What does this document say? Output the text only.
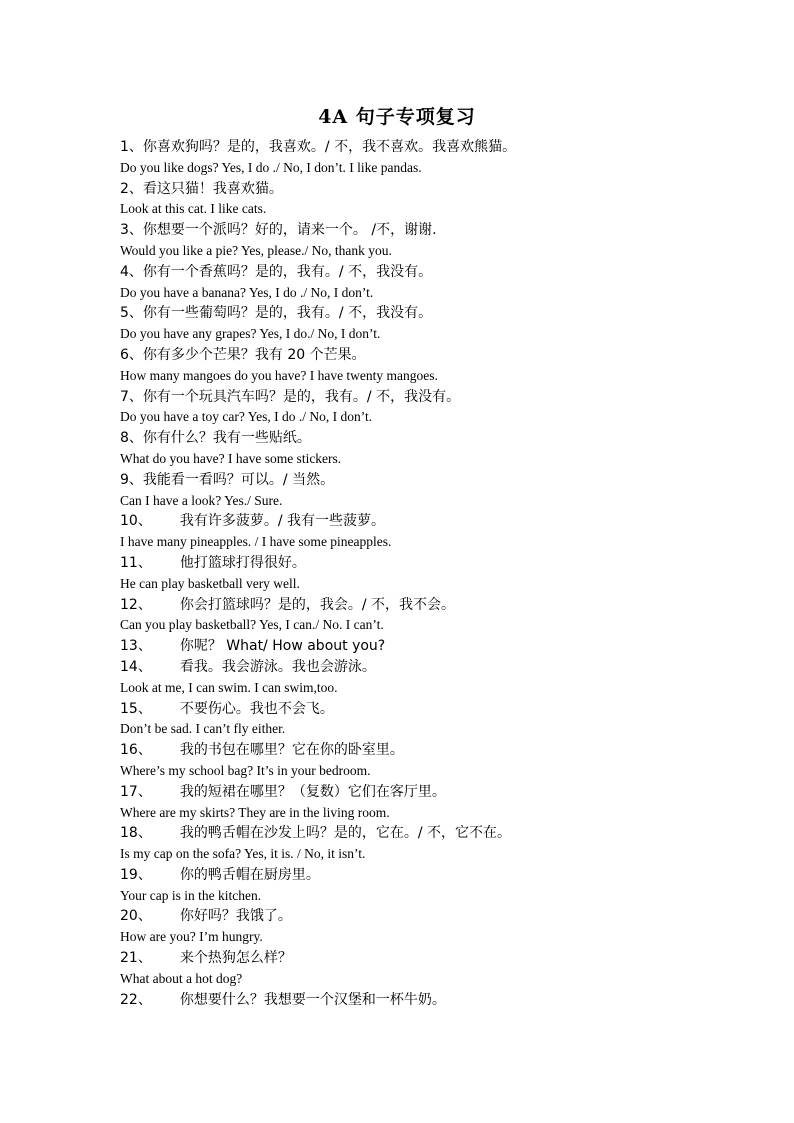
4A 句子专项复习
1、你喜欢狗吗？是的，我喜欢。/ 不，我不喜欢。我喜欢熊猫。
Do you like dogs? Yes, I do ./ No, I don’t. I like pandas.
2、看这只猫！我喜欢猫。
Look at this cat. I like cats.
3、你想要一个派吗？好的，请来一个。 /不，谢谢.
Would you like a pie? Yes, please./ No, thank you.
4、你有一个香蕉吗？是的，我有。/ 不，我没有。
Do you have a banana? Yes, I do ./ No, I don’t.
5、你有一些葡萄吗？是的，我有。/ 不，我没有。
Do you have any grapes? Yes, I do./ No, I don’t.
6、你有多少个芒果？我有 20 个芒果。
How many mangoes do you have? I have twenty mangoes.
7、你有一个玩具汽车吗？是的，我有。/ 不，我没有。
Do you have a toy car? Yes, I do ./ No, I don’t.
8、你有什么？我有一些贴纸。
What do you have? I have some stickers.
9、我能看一看吗？可以。/ 当然。
Can I have a look? Yes./ Sure.
10、 我有许多菠萝。/ 我有一些菠萝。
I have many pineapples. / I have some pineapples.
11、 他打篮球打得很好。
He can play basketball very well.
12、 你会打篮球吗？是的，我会。/ 不，我不会。
Can you play basketball? Yes, I can./ No. I can’t.
13、 你呢？ What/ How about you?
14、 看我。我会游泳。我也会游泳。
Look at me, I can swim. I can swim,too.
15、 不要伤心。我也不会飞。
Don’t be sad. I can’t fly either.
16、 我的书包在哪里？它在你的卧室里。
Where’s my school bag? It’s in your bedroom.
17、 我的短裙在哪里？（复数）它们在客厅里。
Where are my skirts? They are in the living room.
18、 我的鸭舌帽在沙发上吗？是的，它在。/ 不，它不在。
Is my cap on the sofa? Yes, it is. / No, it isn’t.
19、 你的鸭舌帽在厨房里。
Your cap is in the kitchen.
20、 你好吗？我饿了。
How are you? I’m hungry.
21、 来个热狗怎么样？
What about a hot dog?
22、 你想要什么？我想要一个汉堡和一杯牛奶。
